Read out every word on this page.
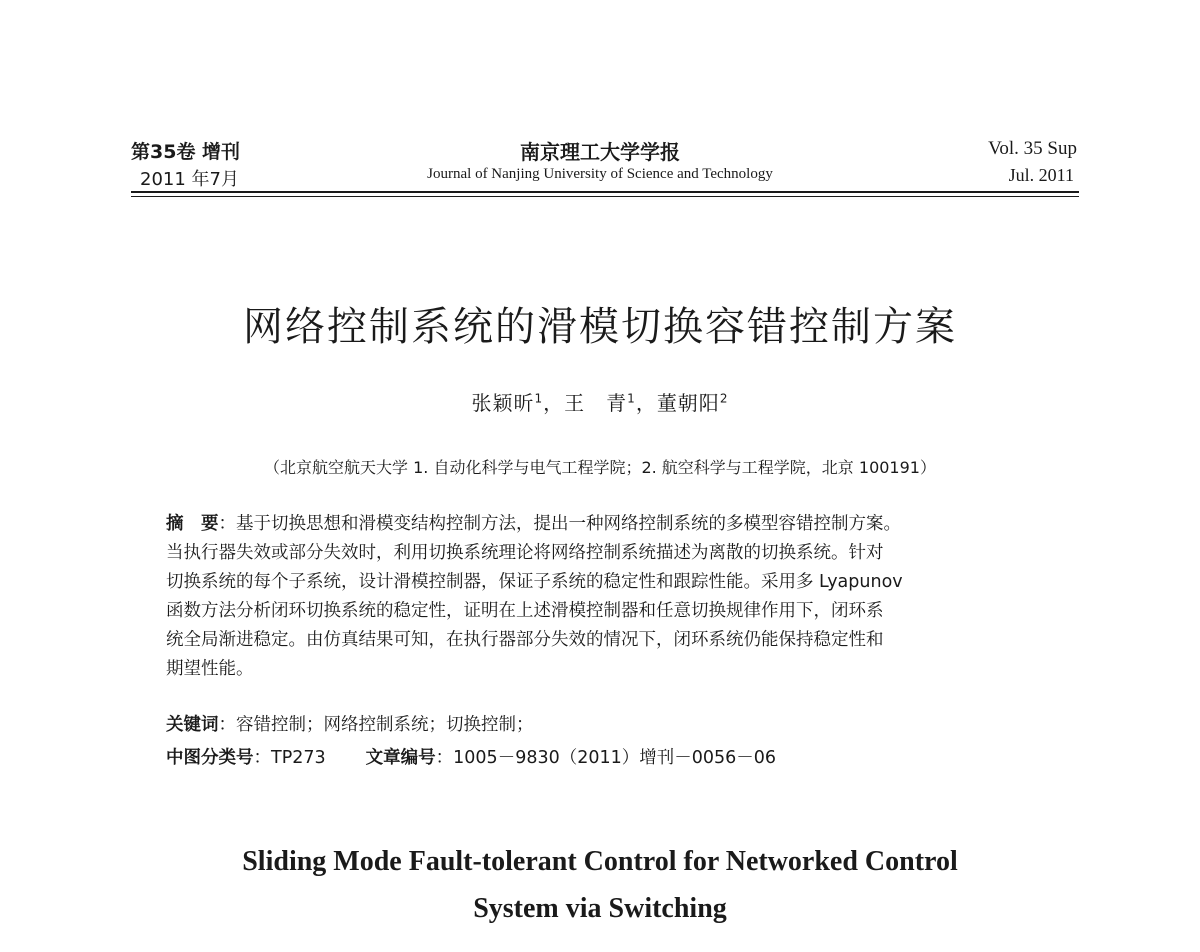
第35卷 增刊
2011 年7月
南京理工大学学报
Journal of Nanjing University of Science and Technology
Vol. 35 Sup
Jul. 2011
网络控制系统的滑模切换容错控制方案
张颖昕$^1$，王　青$^1$，董朝阳$^2$
（北京航空航天大学 1. 自动化科学与电气工程学院；2. 航空科学与工程学院，北京 100191）
摘　要：基于切换思想和滑模变结构控制方法，提出一种网络控制系统的多模型容错控制方案。
当执行器失效或部分失效时，利用切换系统理论将网络控制系统描述为离散的切换系统。针对
切换系统的每个子系统，设计滑模控制器，保证子系统的稳定性和跟踪性能。采用多 Lyapunov
函数方法分析闭环切换系统的稳定性，证明在上述滑模控制器和任意切换规律作用下，闭环系
统全局渐进稳定。由仿真结果可知，在执行器部分失效的情况下，闭环系统仍能保持稳定性和
期望性能。
关键词：容错控制；网络控制系统；切换控制；
中图分类号：TP273 文章编号：1005－9830（2011）增刊－0056－06
Sliding Mode Fault-tolerant Control for Networked Control
System via Switching
